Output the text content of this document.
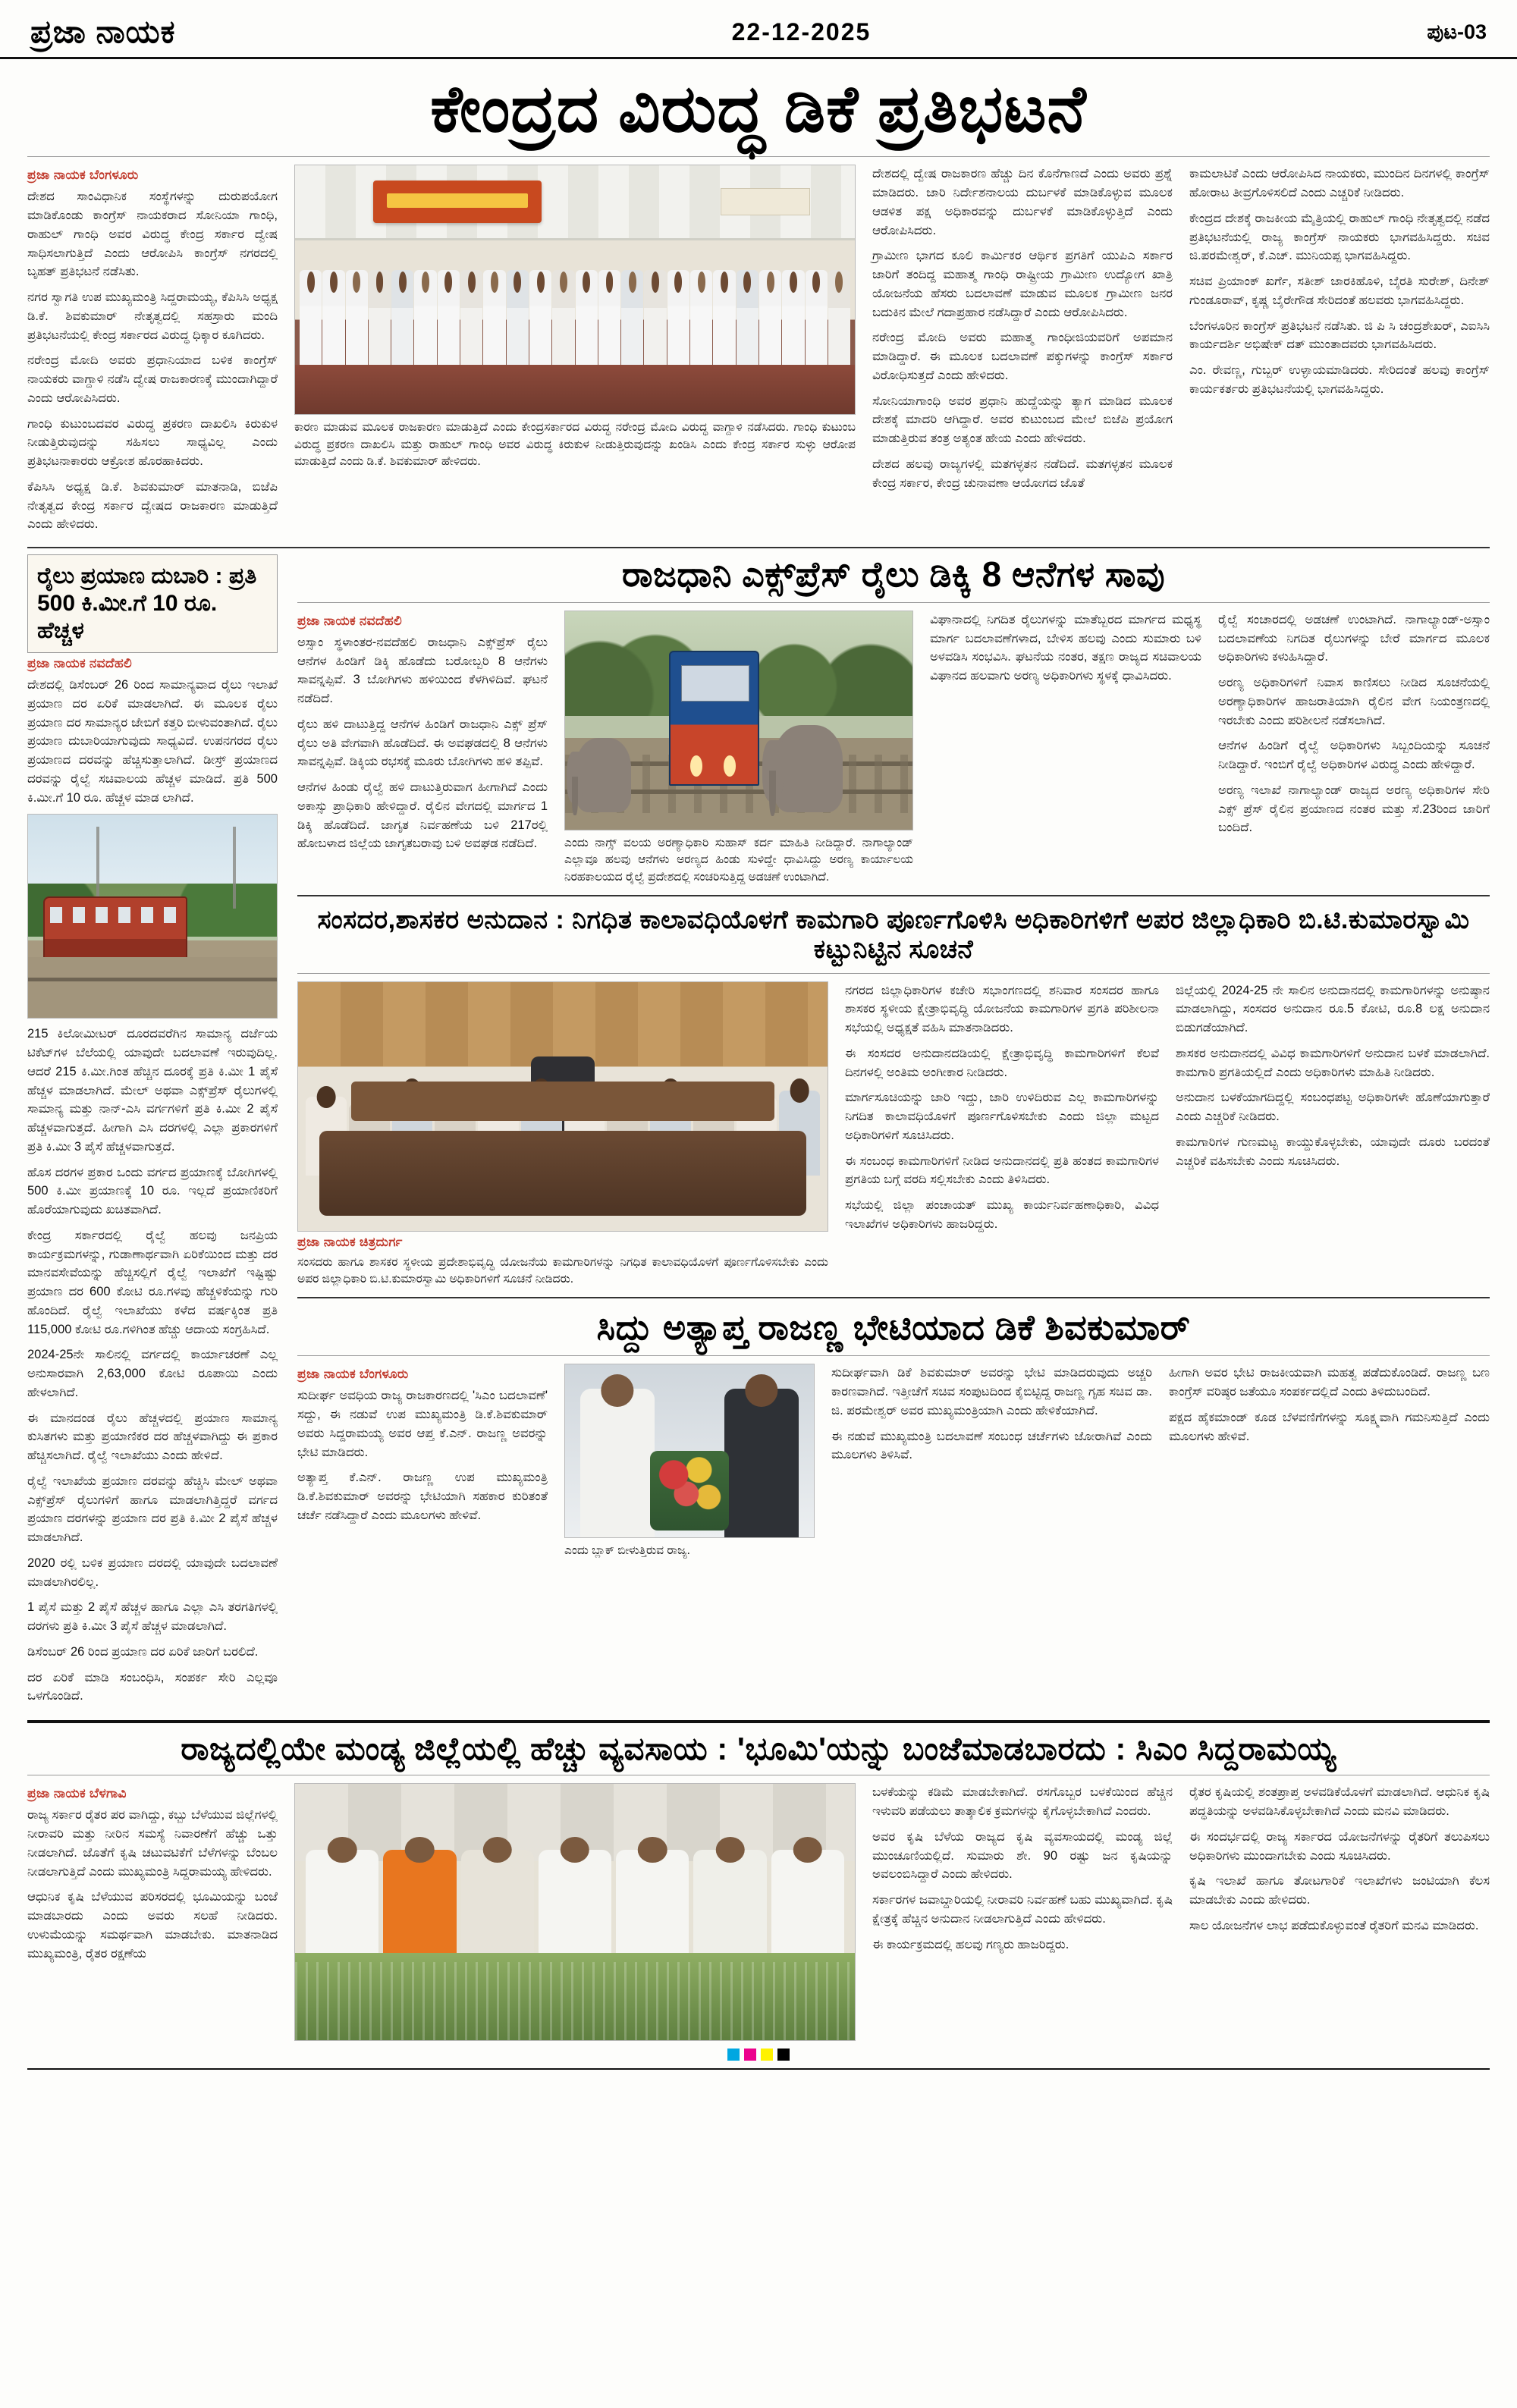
ಪ್ರಜಾ ನಾಯಕ	22-12-2025	ಪುಟ-03
ಕೇಂದ್ರದ ವಿರುದ್ಧ ಡಿಕೆ ಪ್ರತಿಭಟನೆ
ಪ್ರಜಾ ನಾಯಕ ಬೆಂಗಳೂರು

ದೇಶದ ಸಾಂವಿಧಾನಿಕ ಸಂಸ್ಥೆಗಳನ್ನು ದುರುಪಯೋಗ ಮಾಡಿಕೊಂಡು ಕಾಂಗ್ರೆಸ್ ನಾಯಕರಾದ ಸೋನಿಯಾ ಗಾಂಧಿ, ರಾಹುಲ್ ಗಾಂಧಿ ಅವರ ವಿರುದ್ಧ ಕೇಂದ್ರ ಸರ್ಕಾರ ದ್ವೇಷ ಸಾಧಿಸಲಾಗುತ್ತಿದೆ ಎಂದು ಆರೋಪಿಸಿ ಕಾಂಗ್ರೆಸ್ ನಗರದಲ್ಲಿ ಬೃಹತ್ ಪ್ರತಿಭಟನೆ ನಡೆಸಿತು.

ನಗರ ಸ್ವಾಗತಿ ಉಪ ಮುಖ್ಯಮಂತ್ರಿ ಸಿದ್ದರಾಮಯ್ಯ, ಕೆಪಿಸಿಸಿ ಅಧ್ಯಕ್ಷ ಡಿ.ಕೆ. ಶಿವಕುಮಾರ್ ನೇತೃತ್ವದಲ್ಲಿ ಸಹಸ್ರಾರು ಮಂದಿ ಪ್ರತಿಭಟನೆಯಲ್ಲಿ ಕೇಂದ್ರ ಸರ್ಕಾರದ ವಿರುದ್ಧ ಧಿಕ್ಕಾರ ಕೂಗಿದರು.

ನರೇಂದ್ರ ಮೋದಿ ಅವರು ಪ್ರಧಾನಿಯಾದ ಬಳಿಕ ಕಾಂಗ್ರೆಸ್ ನಾಯಕರು ವಾಗ್ದಾಳಿ ನಡೆಸಿ ದ್ವೇಷ ರಾಜಕಾರಣಕ್ಕೆ ಮುಂದಾಗಿದ್ದಾರೆ ಎಂದು ಆರೋಪಿಸಿದರು.

ಗಾಂಧಿ ಕುಟುಂಬದವರ ವಿರುದ್ಧ ಪ್ರಕರಣ ದಾಖಲಿಸಿ ಕಿರುಕುಳ ನೀಡುತ್ತಿರುವುದನ್ನು ಸಹಿಸಲು ಸಾಧ್ಯವಿಲ್ಲ ಎಂದು ಪ್ರತಿಭಟನಾಕಾರರು ಆಕ್ರೋಶ ಹೊರಹಾಕಿದರು.

ಕೆಪಿಸಿಸಿ ಅಧ್ಯಕ್ಷ ಡಿ.ಕೆ. ಶಿವಕುಮಾರ್ ಮಾತನಾಡಿ, ಬಿಜೆಪಿ ನೇತೃತ್ವದ ಕೇಂದ್ರ ಸರ್ಕಾರ ದ್ವೇಷದ ರಾಜಕಾರಣ ಮಾಡುತ್ತಿದೆ ಎಂದು ಹೇಳಿದರು.

ಕಾರಣ ಮಾಡುವ ಮೂಲಕ ರಾಜಕಾರಣ ಮಾಡುತ್ತಿದೆ ಎಂದು ಕೇಂದ್ರಸರ್ಕಾರದ ವಿರುದ್ಧ ನರೇಂದ್ರ ಮೋದಿ ವಿರುದ್ಧ ವಾಗ್ದಾಳಿ ನಡೆಸಿದರು. ಗಾಂಧಿ ಕುಟುಂಬ ವಿರುದ್ಧ ಪ್ರಕರಣ ದಾಖಲಿಸಿ ಮತ್ತು ರಾಹುಲ್ ಗಾಂಧಿ ಅವರ ವಿರುದ್ಧ ಕಿರುಕುಳ ನೀಡುತ್ತಿರುವುದನ್ನು ಖಂಡಿಸಿ ಎಂದು ಕೇಂದ್ರ ಸರ್ಕಾರ ಸುಳ್ಳು ಆರೋಪ ಮಾಡುತ್ತಿದೆ ಎಂದು ಡಿ.ಕೆ. ಶಿವಕುಮಾರ್ ಹೇಳಿದರು.

ದೇಶದಲ್ಲಿ ದ್ವೇಷ ರಾಜಕಾರಣ ಹೆಚ್ಚು ದಿನ ಕೊನೆಗಾಣದೆ ಎಂದು ಅವರು ಪ್ರಶ್ನೆ ಮಾಡಿದರು. ಜಾರಿ ನಿರ್ದೇಶನಾಲಯ ದುರ್ಬಳಕೆ ಮಾಡಿಕೊಳ್ಳುವ ಮೂಲಕ ಆಡಳಿತ ಪಕ್ಷ ಅಧಿಕಾರವನ್ನು ದುರ್ಬಳಕೆ ಮಾಡಿಕೊಳ್ಳುತ್ತಿದೆ ಎಂದು ಆರೋಪಿಸಿದರು.

ಗ್ರಾಮೀಣ ಭಾಗದ ಕೂಲಿ ಕಾರ್ಮಿಕರ ಆರ್ಥಿಕ ಪ್ರಗತಿಗೆ ಯುಪಿಎ ಸರ್ಕಾರ ಜಾರಿಗೆ ತಂದಿದ್ದ ಮಹಾತ್ಮ ಗಾಂಧಿ ರಾಷ್ಟ್ರೀಯ ಗ್ರಾಮೀಣ ಉದ್ಯೋಗ ಖಾತ್ರಿ ಯೋಜನೆಯ ಹೆಸರು ಬದಲಾವಣೆ ಮಾಡುವ ಮೂಲಕ ಗ್ರಾಮೀಣ ಜನರ ಬದುಕಿನ ಮೇಲೆ ಗದಾಪ್ರಹಾರ ನಡೆಸಿದ್ದಾರೆ ಎಂದು ಆರೋಪಿಸಿದರು.

ನರೇಂದ್ರ ಮೋದಿ ಅವರು ಮಹಾತ್ಮ ಗಾಂಧೀಜಿಯವರಿಗೆ ಅಪಮಾನ ಮಾಡಿದ್ದಾರೆ. ಈ ಮೂಲಕ ಬದಲಾವಣೆ ಪಕ್ಕುಗಳನ್ನು ಕಾಂಗ್ರೆಸ್ ಸರ್ಕಾರ ವಿರೋಧಿಸುತ್ತದೆ ಎಂದು ಹೇಳಿದರು.

ಸೋನಿಯಾಗಾಂಧಿ ಅವರ ಪ್ರಧಾನಿ ಹುದ್ದೆಯನ್ನು ತ್ಯಾಗ ಮಾಡಿದ ಮೂಲಕ ದೇಶಕ್ಕೆ ಮಾದರಿ ಆಗಿದ್ದಾರೆ. ಅವರ ಕುಟುಂಬದ ಮೇಲೆ ಬಿಜೆಪಿ ಪ್ರಯೋಗ ಮಾಡುತ್ತಿರುವ ತಂತ್ರ ಅತ್ಯಂತ ಹೇಯ ಎಂದು ಹೇಳಿದರು.

ದೇಶದ ಹಲವು ರಾಜ್ಯಗಳಲ್ಲಿ ಮತಗಳ್ಳತನ ನಡೆದಿದೆ. ಮತಗಳ್ಳತನ ಮೂಲಕ ಕೇಂದ್ರ ಸರ್ಕಾರ, ಕೇಂದ್ರ ಚುನಾವಣಾ ಆಯೋಗದ ಜೊತೆ

ಕಾಮಲಾಟಿಕೆ ಎಂದು ಆರೋಪಿಸಿದ ನಾಯಕರು, ಮುಂದಿನ ದಿನಗಳಲ್ಲಿ ಕಾಂಗ್ರೆಸ್ ಹೋರಾಟ ತೀವ್ರಗೊಳಿಸಲಿದೆ ಎಂದು ಎಚ್ಚರಿಕೆ ನೀಡಿದರು.

ಕೇಂದ್ರದ ದೇಶಕ್ಕೆ ರಾಜಕೀಯ ಮೈತ್ರಿಯಲ್ಲಿ ರಾಹುಲ್ ಗಾಂಧಿ ನೇತೃತ್ವದಲ್ಲಿ ನಡೆದ ಪ್ರತಿಭಟನೆಯಲ್ಲಿ ರಾಜ್ಯ ಕಾಂಗ್ರೆಸ್ ನಾಯಕರು ಭಾಗವಹಿಸಿದ್ದರು. ಸಚಿವ ಜಿ.ಪರಮೇಶ್ವರ್, ಕೆ.ಎಚ್. ಮುನಿಯಪ್ಪ ಭಾಗವಹಿಸಿದ್ದರು.

ಸಚಿವ ಪ್ರಿಯಾಂಕ್ ಖರ್ಗೆ, ಸತೀಶ್ ಜಾರಕಿಹೊಳಿ, ಬೈರತಿ ಸುರೇಶ್, ದಿನೇಶ್ ಗುಂಡೂರಾವ್, ಕೃಷ್ಣ ಬೈರೇಗೌಡ ಸೇರಿದಂತೆ ಹಲವರು ಭಾಗವಹಿಸಿದ್ದರು.

ಬೆಂಗಳೂರಿನ ಕಾಂಗ್ರೆಸ್ ಪ್ರತಿಭಟನೆ ನಡೆಸಿತು. ಜಿ ಪಿ ಸಿ ಚಂದ್ರಶೇಖರ್, ಎಐಸಿಸಿ ಕಾರ್ಯದರ್ಶಿ ಅಭಿಷೇಕ್ ದತ್ ಮುಂತಾದವರು ಭಾಗವಹಿಸಿದರು.

ಎಂ. ರೇವಣ್ಣ, ಗುಬ್ಬರ್ ಉಳ್ಳಾಯಮಾಡಿದರು. ಸೇರಿದಂತೆ ಹಲವು ಕಾಂಗ್ರೆಸ್ ಕಾರ್ಯಕರ್ತರು ಪ್ರತಿಭಟನೆಯಲ್ಲಿ ಭಾಗವಹಿಸಿದ್ದರು.

ರೈಲು ಪ್ರಯಾಣ ದುಬಾರಿ : ಪ್ರತಿ 500 ಕಿ.ಮೀ.ಗೆ 10 ರೂ. ಹೆಚ್ಚಳ
ಪ್ರಜಾ ನಾಯಕ ನವದೆಹಲಿ

ದೇಶದಲ್ಲಿ ಡಿಸೆಂಬರ್ 26 ರಿಂದ ಸಾಮಾನ್ಯವಾದ ರೈಲು ಇಲಾಖೆ ಪ್ರಯಾಣ ದರ ಏರಿಕೆ ಮಾಡಲಾಗಿದೆ. ಈ ಮೂಲಕ ರೈಲು ಪ್ರಯಾಣ ದರ ಸಾಮಾನ್ಯರ ಜೇಬಿಗೆ ಕತ್ತರಿ ಬೀಳುವಂತಾಗಿದೆ. ರೈಲು ಪ್ರಯಾಣ ದುಬಾರಿಯಾಗುವುದು ಸಾಧ್ಯವಿದೆ. ಉಪನಗರದ ರೈಲು ಪ್ರಯಾಣದ ದರವನ್ನು ಹೆಚ್ಚಿಸುತ್ತಾಲಾಗಿದೆ. ಡೀಸ್ರ್ ಪ್ರಯಾಣದ ದರವನ್ನು ರೈಲ್ವೆ ಸಚಿವಾಲಯ ಹೆಚ್ಚಳ ಮಾಡಿದೆ. ಪ್ರತಿ 500 ಕಿ.ಮೀ.ಗೆ 10 ರೂ. ಹೆಚ್ಚಳ ಮಾಡ ಲಾಗಿದೆ.

215 ಕಿಲೋಮೀಟರ್ ದೂರದವರೆಗಿನ ಸಾಮಾನ್ಯ ದರ್ಜೆಯ ಟಿಕೆಟ್‌ಗಳ ಬೆಲೆಯಲ್ಲಿ ಯಾವುದೇ ಬದಲಾವಣೆ ಇರುವುದಿಲ್ಲ. ಆದರೆ 215 ಕಿ.ಮೀ.ಗಿಂತ ಹೆಚ್ಚಿನ ದೂರಕ್ಕೆ ಪ್ರತಿ ಕಿ.ಮೀ 1 ಪೈಸೆ ಹೆಚ್ಚಳ ಮಾಡಲಾಗಿದೆ. ಮೇಲ್ ಅಥವಾ ಎಕ್ಸ್‌ಪ್ರೆಸ್ ರೈಲುಗಳಲ್ಲಿ ಸಾಮಾನ್ಯ ಮತ್ತು ನಾನ್-ಎಸಿ ವರ್ಗಗಳಿಗೆ ಪ್ರತಿ ಕಿ.ಮೀ 2 ಪೈಸೆ ಹೆಚ್ಚಳವಾಗುತ್ತದೆ. ಹೀಗಾಗಿ ಎಸಿ ದರಗಳಲ್ಲಿ ಎಲ್ಲಾ ಪ್ರಕಾರಗಳಿಗೆ ಪ್ರತಿ ಕಿ.ಮೀ 3 ಪೈಸೆ ಹೆಚ್ಚಳವಾಗುತ್ತದೆ.

ಹೊಸ ದರಗಳ ಪ್ರಕಾರ ಒಂದು ವರ್ಗದ ಪ್ರಯಾಣಕ್ಕೆ ಬೋಗಿಗಳಲ್ಲಿ 500 ಕಿ.ಮೀ ಪ್ರಯಾಣಕ್ಕೆ 10 ರೂ. ಇಲ್ಲದೆ ಪ್ರಯಾಣಿಕರಿಗೆ ಹೊರೆಯಾಗುವುದು ಖಚಿತವಾಗಿದೆ.

ಕೇಂದ್ರ ಸರ್ಕಾರದಲ್ಲಿ ರೈಲ್ವೆ ಹಲವು ಜನಪ್ರಿಯ ಕಾರ್ಯಕ್ರಮಗಳನ್ನು, ಗುಡಾಣಾರ್ಥವಾಗಿ ಏರಿಕೆಯಿಂದ ಮತ್ತು ದರ ಮಾನವಸೇವೆಯನ್ನು ಹೆಚ್ಚಿಸಲ್ಲಿಗೆ ರೈಲ್ವೆ ಇಲಾಖೆಗೆ ಇಷ್ಟಿಷ್ಟು ಪ್ರಯಾಣ ದರ 600 ಕೋಟಿ ರೂ.ಗಳವು ಹೆಚ್ಚಳಿಕೆಯನ್ನು ಗುರಿ ಹೊಂದಿದೆ. ರೈಲ್ವೆ ಇಲಾಖೆಯು ಕಳೆದ ವರ್ಷಕ್ಕಿಂತ ಪ್ರತಿ 115,000 ಕೋಟಿ ರೂ.ಗಳಿಗಿಂತ ಹೆಚ್ಚು ಆದಾಯ ಸಂಗ್ರಹಿಸಿದೆ.

2024-25ನೇ ಸಾಲಿನಲ್ಲಿ ವರ್ಗದಲ್ಲಿ ಕಾರ್ಯಾಚರಣೆ ಎಲ್ಲ ಅನುಸಾರವಾಗಿ 2,63,000 ಕೋಟಿ ರೂಪಾಯಿ ಎಂದು ಹೇಳಲಾಗಿದೆ.

ಈ ಮಾನದಂಡ ರೈಲು ಹೆಚ್ಚಳದಲ್ಲಿ ಪ್ರಯಾಣ ಸಾಮಾನ್ಯ ಕುಸಿತಗಳು ಮತ್ತು ಪ್ರಯಾಣಿಕರ ದರ ಹೆಚ್ಚಳವಾಗಿದ್ದು ಈ ಪ್ರಕಾರ ಹೆಚ್ಚಿಸಲಾಗಿದೆ. ರೈಲ್ವೆ ಇಲಾಖೆಯು ಎಂದು ಹೇಳಿದೆ.

ರೈಲ್ವೆ ಇಲಾಖೆಯ ಪ್ರಯಾಣ ದರವನ್ನು ಹೆಚ್ಚಿಸಿ ಮೇಲ್ ಅಥವಾ ಎಕ್ಸ್‌ಪ್ರೆಸ್ ರೈಲುಗಳಿಗೆ ಹಾಗೂ ಮಾಡಲಾಗಿತ್ತಿದ್ದರೆ ವರ್ಗದ ಪ್ರಯಾಣ ದರಗಳನ್ನು ಪ್ರಯಾಣ ದರ ಪ್ರತಿ ಕಿ.ಮೀ 2 ಪೈಸೆ ಹೆಚ್ಚಳ ಮಾಡಲಾಗಿದೆ.

2020 ರಲ್ಲಿ ಬಳಿಕ ಪ್ರಯಾಣ ದರದಲ್ಲಿ ಯಾವುದೇ ಬದಲಾವಣೆ ಮಾಡಲಾಗಿರಲಿಲ್ಲ.

1 ಪೈಸೆ ಮತ್ತು 2 ಪೈಸೆ ಹೆಚ್ಚಳ ಹಾಗೂ ಎಲ್ಲಾ ಎಸಿ ತರಗತಿಗಳಲ್ಲಿ ದರಗಳು ಪ್ರತಿ ಕಿ.ಮೀ 3 ಪೈಸೆ ಹೆಚ್ಚಳ ಮಾಡಲಾಗಿದೆ.

ಡಿಸೆಂಬರ್ 26 ರಿಂದ ಪ್ರಯಾಣ ದರ ಏರಿಕೆ ಜಾರಿಗೆ ಬರಲಿದೆ.

ದರ ಏರಿಕೆ ಮಾಡಿ ಸಂಬಂಧಿಸಿ, ಸಂಪರ್ಕ ಸೇರಿ ಎಲ್ಲವೂ ಒಳಗೊಂಡಿದೆ.

ರಾಜಧಾನಿ ಎಕ್ಸ್‌ಪ್ರೆಸ್ ರೈಲು ಡಿಕ್ಕಿ 8 ಆನೆಗಳ ಸಾವು
ಪ್ರಜಾ ನಾಯಕ ನವದೆಹಲಿ

ಅಸ್ಸಾಂ ಸ್ಥಳಾಂತರ-ನವದೆಹಲಿ ರಾಜಧಾನಿ ಎಕ್ಸ್‌ಪ್ರೆಸ್ ರೈಲು ಆನೆಗಳ ಹಿಂಡಿಗೆ ಡಿಕ್ಕಿ ಹೊಡೆದು ಬರೋಬ್ಬರಿ 8 ಆನೆಗಳು ಸಾವನ್ನಪ್ಪಿವೆ. 3 ಬೋಗಿಗಳು ಹಳಿಯಿಂದ ಕೆಳಗಿಳಿದಿವೆ. ಘಟನೆ ನಡೆದಿದೆ.

ರೈಲು ಹಳಿ ದಾಟುತ್ತಿದ್ದ ಆನೆಗಳ ಹಿಂಡಿಗೆ ರಾಜಧಾನಿ ಎಕ್ಸ್ ಪ್ರೆಸ್ ರೈಲು ಅತಿ ವೇಗವಾಗಿ ಹೊಡೆದಿದೆ. ಈ ಅವಘಡದಲ್ಲಿ 8 ಆನೆಗಳು ಸಾವನ್ನಪ್ಪಿವೆ. ಡಿಕ್ಕಿಯ ರಭಸಕ್ಕೆ ಮೂರು ಬೋಗಿಗಳು ಹಳಿ ತಪ್ಪಿವೆ.

ಆನೆಗಳ ಹಿಂಡು ರೈಲ್ವೆ ಹಳಿ ದಾಟುತ್ತಿರುವಾಗ ಹೀಗಾಗಿದೆ ಎಂದು ಅಕಾಸ್ಸು ಪ್ರಾಧಿಕಾರಿ ಹೇಳಿದ್ದಾರೆ. ರೈಲಿನ ವೇಗದಲ್ಲಿ ಮಾರ್ಗದ 1 ಡಿಕ್ಕಿ ಹೊಡೆದಿದೆ. ಜಾಗೃತ ನಿರ್ವಹಣೆಯ ಬಳಿ 217ರಲ್ಲಿ ಹೋಬಳಾದ ಜಿಲ್ಲೆಯ ಜಾಗೃತಬರಾವು ಬಳಿ ಅವಘಡ ನಡೆದಿದೆ.	ಎಂದು ನಾಗ್ಸ್ ವಲಯ ಅರಣ್ಯಾಧಿಕಾರಿ ಸುಹಾಸ್ ಕರ್ದ ಮಾಹಿತಿ ನೀಡಿದ್ದಾರೆ. ನಾಗಾಲ್ಯಾಂಡ್ ಎಲ್ಲಾವೂ ಹಲವು ಆನೆಗಳು ಅರಣ್ಯದ ಹಿಂಡು ಸುಳಿದ್ದೇ ಧಾವಿಸಿದ್ದು ಅರಣ್ಯ ಕಾರ್ಯಾಲಯ ನಿರಹಕಾಲಯದ ರೈಲ್ವೆ ಪ್ರದೇಶದಲ್ಲಿ ಸಂಚರಿಸುತ್ತಿದ್ದ ಅಡಚಣೆ ಉಂಟಾಗಿದೆ.

ವಿಘಾನಾದಲ್ಲಿ ನಿಗದಿತ ರೈಲುಗಳನ್ನು ಮಾತೆಬ್ಬರದ ಮಾರ್ಗದ ಮಧ್ಯಸ್ಥ ಮಾರ್ಗ ಬದಲಾವಣೆಗಳಾದ, ಬೇಳಿಸ ಹಲವು ಎಂದು ಸುಮಾರು ಬಳಿ ಅಳವಡಿಸಿ ಸಂಭವಿಸಿ. ಘಟನೆಯ ನಂತರ, ತಕ್ಷಣ ರಾಜ್ಯದ ಸಚಿವಾಲಯ ವಿಘಾನದ ಹಲವಾಗು ಅರಣ್ಯ ಅಧಿಕಾರಿಗಳು ಸ್ಥಳಕ್ಕೆ ಧಾವಿಸಿದರು.

ರೈಲ್ವೆ ಸಂಚಾರದಲ್ಲಿ ಅಡಚಣೆ ಉಂಟಾಗಿದೆ. ನಾಗಾಲ್ಯಾಂಡ್-ಅಸ್ಸಾಂ ಬದಲಾವಣೆಯ ನಿಗದಿತ ರೈಲುಗಳನ್ನು ಬೇರೆ ಮಾರ್ಗದ ಮೂಲಕ ಅಧಿಕಾರಿಗಳು ಕಳುಹಿಸಿದ್ದಾರೆ.

ಅರಣ್ಯ ಅಧಿಕಾರಿಗಳಿಗೆ ನಿವಾಸ ಕಾಣಿಸಲು ನೀಡಿದ ಸೂಚನೆಯಲ್ಲಿ ಅರಣ್ಯಾಧಿಕಾರಿಗಳ ಹಾಜರಾತಿಯಾಗಿ ರೈಲಿನ ವೇಗ ನಿಯಂತ್ರಣದಲ್ಲಿ ಇರಬೇಕು ಎಂದು ಪರಿಶೀಲನೆ ನಡೆಸಲಾಗಿದೆ.

ಆನೆಗಳ ಹಿಂಡಿಗೆ ರೈಲ್ವೆ ಅಧಿಕಾರಿಗಳು ಸಿಬ್ಬಂದಿಯನ್ನು ಸೂಚನೆ ನೀಡಿದ್ದಾರೆ. ಇಂಬಿಗೆ ರೈಲ್ವೆ ಅಧಿಕಾರಿಗಳ ವಿರುದ್ಧ ಎಂದು ಹೇಳಿದ್ದಾರೆ.

ಅರಣ್ಯ ಇಲಾಖೆ ನಾಗಾಲ್ಯಾಂಡ್ ರಾಜ್ಯದ ಅರಣ್ಯ ಅಧಿಕಾರಿಗಳ ಸೇರಿ ಎಕ್ಸ್ ಪ್ರೆಸ್ ರೈಲಿನ ಪ್ರಯಾಣದ ನಂತರ ಮತ್ತು ಸೆ.23ರಿಂದ ಜಾರಿಗೆ ಬಂದಿದೆ.

ಸಂಸದರ,ಶಾಸಕರ ಅನುದಾನ : ನಿಗಧಿತ ಕಾಲಾವಧಿಯೊಳಗೆ ಕಾಮಗಾರಿ ಪೂರ್ಣಗೊಳಿಸಿ ಅಧಿಕಾರಿಗಳಿಗೆ ಅಪರ ಜಿಲ್ಲಾಧಿಕಾರಿ ಬಿ.ಟಿ.ಕುಮಾರಸ್ವಾಮಿ ಕಟ್ಟುನಿಟ್ಟಿನ ಸೂಚನೆ
ಪ್ರಜಾ ನಾಯಕ ಚಿತ್ರದುರ್ಗ
ಸಂಸದರು ಹಾಗೂ ಶಾಸಕರ ಸ್ಥಳೀಯ ಪ್ರದೇಶಾಭಿವೃದ್ಧಿ ಯೋಜನೆಯ ಕಾಮಗಾರಿಗಳನ್ನು ನಿಗಧಿತ ಕಾಲಾವಧಿಯೊಳಗೆ ಪೂರ್ಣಗೊಳಿಸಬೇಕು ಎಂದು ಅಪರ ಜಿಲ್ಲಾಧಿಕಾರಿ ಬಿ.ಟಿ.ಕುಮಾರಸ್ವಾಮಿ ಅಧಿಕಾರಿಗಳಿಗೆ ಸೂಚನೆ ನೀಡಿದರು.

ನಗರದ ಜಿಲ್ಲಾಧಿಕಾರಿಗಳ ಕಚೇರಿ ಸಭಾಂಗಣದಲ್ಲಿ ಶನಿವಾರ ಸಂಸದರ ಹಾಗೂ ಶಾಸಕರ ಸ್ಥಳೀಯ ಕ್ಷೇತ್ರಾಭಿವೃದ್ಧಿ ಯೋಜನೆಯ ಕಾಮಗಾರಿಗಳ ಪ್ರಗತಿ ಪರಿಶೀಲನಾ ಸಭೆಯಲ್ಲಿ ಅಧ್ಯಕ್ಷತೆ ವಹಿಸಿ ಮಾತನಾಡಿದರು.

ಈ ಸಂಸದರ ಅನುದಾನದಡಿಯಲ್ಲಿ ಕ್ಷೇತ್ರಾಭಿವೃದ್ಧಿ ಕಾಮಗಾರಿಗಳಿಗೆ ಕೆಲವೆ ದಿನಗಳಲ್ಲಿ ಅಂತಿಮ ಅಂಗೀಕಾರ ನೀಡಿದರು.

ಮಾರ್ಗಸೂಚಿಯನ್ನು ಜಾರಿ ಇದ್ದು, ಜಾರಿ ಉಳಿದಿರುವ ಎಲ್ಲ ಕಾಮಗಾರಿಗಳನ್ನು ನಿಗದಿತ ಕಾಲಾವಧಿಯೊಳಗೆ ಪೂರ್ಣಗೊಳಿಸಬೇಕು ಎಂದು ಜಿಲ್ಲಾ ಮಟ್ಟದ ಅಧಿಕಾರಿಗಳಿಗೆ ಸೂಚಿಸಿದರು.

ಈ ಸಂಬಂಧ ಕಾಮಗಾರಿಗಳಿಗೆ ನೀಡಿದ ಅನುದಾನದಲ್ಲಿ ಪ್ರತಿ ಹಂತದ ಕಾಮಗಾರಿಗಳ ಪ್ರಗತಿಯ ಬಗ್ಗೆ ವರದಿ ಸಲ್ಲಿಸಬೇಕು ಎಂದು ತಿಳಿಸಿದರು.

ಸಭೆಯಲ್ಲಿ ಜಿಲ್ಲಾ ಪಂಚಾಯತ್ ಮುಖ್ಯ ಕಾರ್ಯನಿರ್ವಹಣಾಧಿಕಾರಿ, ವಿವಿಧ ಇಲಾಖೆಗಳ ಅಧಿಕಾರಿಗಳು ಹಾಜರಿದ್ದರು.

ಜಿಲ್ಲೆಯಲ್ಲಿ 2024-25 ನೇ ಸಾಲಿನ ಅನುದಾನದಲ್ಲಿ ಕಾಮಗಾರಿಗಳನ್ನು ಅನುಷ್ಠಾನ ಮಾಡಲಾಗಿದ್ದು, ಸಂಸದರ ಅನುದಾನ ರೂ.5 ಕೋಟಿ, ರೂ.8 ಲಕ್ಷ ಅನುದಾನ ಬಿಡುಗಡೆಯಾಗಿದೆ.

ಶಾಸಕರ ಅನುದಾನದಲ್ಲಿ ವಿವಿಧ ಕಾಮಗಾರಿಗಳಿಗೆ ಅನುದಾನ ಬಳಕೆ ಮಾಡಲಾಗಿದೆ. ಕಾಮಗಾರಿ ಪ್ರಗತಿಯಲ್ಲಿದೆ ಎಂದು ಅಧಿಕಾರಿಗಳು ಮಾಹಿತಿ ನೀಡಿದರು.

ಅನುದಾನ ಬಳಕೆಯಾಗದಿದ್ದಲ್ಲಿ ಸಂಬಂಧಪಟ್ಟ ಅಧಿಕಾರಿಗಳೇ ಹೊಣೆಯಾಗುತ್ತಾರೆ ಎಂದು ಎಚ್ಚರಿಕೆ ನೀಡಿದರು.

ಕಾಮಗಾರಿಗಳ ಗುಣಮಟ್ಟ ಕಾಯ್ದುಕೊಳ್ಳಬೇಕು, ಯಾವುದೇ ದೂರು ಬರದಂತೆ ಎಚ್ಚರಿಕೆ ವಹಿಸಬೇಕು ಎಂದು ಸೂಚಿಸಿದರು.

ಸಿದ್ದು ಅತ್ಯಾಪ್ತ ರಾಜಣ್ಣ ಭೇಟಿಯಾದ ಡಿಕೆ ಶಿವಕುಮಾರ್
ಪ್ರಜಾ ನಾಯಕ ಬೆಂಗಳೂರು

ಸುದೀರ್ಘ ಅವಧಿಯ ರಾಜ್ಯ ರಾಜಕಾರಣದಲ್ಲಿ 'ಸಿಎಂ ಬದಲಾವಣೆ' ಸದ್ದು, ಈ ನಡುವೆ ಉಪ ಮುಖ್ಯಮಂತ್ರಿ ಡಿ.ಕೆ.ಶಿವಕುಮಾರ್ ಅವರು ಸಿದ್ದರಾಮಯ್ಯ ಅವರ ಆಪ್ತ ಕೆ.ಎನ್. ರಾಜಣ್ಣ ಅವರನ್ನು ಭೇಟಿ ಮಾಡಿದರು.

ಅತ್ಯಾಪ್ತ ಕೆ.ಎನ್. ರಾಜಣ್ಣ ಉಪ ಮುಖ್ಯಮಂತ್ರಿ ಡಿ.ಕೆ.ಶಿವಕುಮಾರ್ ಅವರನ್ನು ಭೇಟಿಯಾಗಿ ಸಹಕಾರ ಕುರಿತಂತೆ ಚರ್ಚೆ ನಡೆಸಿದ್ದಾರೆ ಎಂದು ಮೂಲಗಳು ಹೇಳಿವೆ.

ಎಂದು ಬ್ಲಾಕ್ ಬೀಳುತ್ತಿರುವ ರಾಜ್ಯ.

ಸುದೀರ್ಘವಾಗಿ ಡಿಕೆ ಶಿವಕುಮಾರ್ ಅವರನ್ನು ಭೇಟಿ ಮಾಡಿದರುವುದು ಅಚ್ಚರಿ ಕಾರಣವಾಗಿದೆ. ಇತ್ತೀಚೆಗೆ ಸಚಿವ ಸಂಪುಟದಿಂದ ಕೈಬಿಟ್ಟಿದ್ದ ರಾಜಣ್ಣ ಗೃಹ ಸಚಿವ ಡಾ. ಜಿ. ಪರಮೇಶ್ವರ್ ಅವರ ಮುಖ್ಯಮಂತ್ರಿಯಾಗಿ ಎಂದು ಹೇಳಿಕೆಯಾಗಿದೆ.

ಈ ನಡುವೆ ಮುಖ್ಯಮಂತ್ರಿ ಬದಲಾವಣೆ ಸಂಬಂಧ ಚರ್ಚೆಗಳು ಜೋರಾಗಿವೆ ಎಂದು ಮೂಲಗಳು ತಿಳಿಸಿವೆ.

ಹೀಗಾಗಿ ಅವರ ಭೇಟಿ ರಾಜಕೀಯವಾಗಿ ಮಹತ್ವ ಪಡೆದುಕೊಂಡಿದೆ. ರಾಜಣ್ಣ ಬಣ ಕಾಂಗ್ರೆಸ್ ವರಿಷ್ಠರ ಜತೆಯೂ ಸಂಪರ್ಕದಲ್ಲಿದೆ ಎಂದು ತಿಳಿದುಬಂದಿದೆ.

ಪಕ್ಷದ ಹೈಕಮಾಂಡ್ ಕೂಡ ಬೆಳವಣಿಗೆಗಳನ್ನು ಸೂಕ್ಷ್ಮವಾಗಿ ಗಮನಿಸುತ್ತಿದೆ ಎಂದು ಮೂಲಗಳು ಹೇಳಿವೆ.

ರಾಜ್ಯದಲ್ಲಿಯೇ ಮಂಡ್ಯ ಜಿಲ್ಲೆಯಲ್ಲಿ ಹೆಚ್ಚು ವ್ಯವಸಾಯ : 'ಭೂಮಿ'ಯನ್ನು ಬಂಜೆಮಾಡಬಾರದು : ಸಿಎಂ ಸಿದ್ದರಾಮಯ್ಯ
ಪ್ರಜಾ ನಾಯಕ ಬೆಳಗಾವಿ

ರಾಜ್ಯ ಸರ್ಕಾರ ರೈತರ ಪರ ವಾಗಿದ್ದು, ಕಬ್ಬು ಬೆಳೆಯುವ ಜಿಲ್ಲೆಗಳಲ್ಲಿ ನೀರಾವರಿ ಮತ್ತು ನೀರಿನ ಸಮಸ್ಯೆ ನಿವಾರಣೆಗೆ ಹೆಚ್ಚು ಒತ್ತು ನೀಡಲಾಗಿದೆ. ಜೊತೆಗೆ ಕೃಷಿ ಚಟುವಟಿಕೆಗೆ ಬೆಳೆಗಳನ್ನು ಬೆಂಬಲ ನೀಡಲಾಗುತ್ತಿದೆ ಎಂದು ಮುಖ್ಯಮಂತ್ರಿ ಸಿದ್ದರಾಮಯ್ಯ ಹೇಳಿದರು.

ಆಧುನಿಕ ಕೃಷಿ ಬೆಳೆಯುವ ಪರಿಸರದಲ್ಲಿ ಭೂಮಿಯನ್ನು ಬಂಜೆ ಮಾಡಬಾರದು ಎಂದು ಅವರು ಸಲಹೆ ನೀಡಿದರು. ಉಳುಮೆಯನ್ನು ಸಮರ್ಥವಾಗಿ ಮಾಡಬೇಕು. ಮಾತನಾಡಿದ ಮುಖ್ಯಮಂತ್ರಿ, ರೈತರ ರಕ್ಷಣೆಯ

ಬಳಕೆಯನ್ನು ಕಡಿಮೆ ಮಾಡಬೇಕಾಗಿದೆ. ರಸಗೊಬ್ಬರ ಬಳಕೆಯಿಂದ ಹೆಚ್ಚಿನ ಇಳುವರಿ ಪಡೆಯಲು ತಾತ್ಕಾಲಿಕ ಕ್ರಮಗಳನ್ನು ಕೈಗೊಳ್ಳಬೇಕಾಗಿದೆ ಎಂದರು.

ಅವರ ಕೃಷಿ ಬೆಳೆಯ ರಾಜ್ಯದ ಕೃಷಿ ವ್ಯವಸಾಯದಲ್ಲಿ ಮಂಡ್ಯ ಜಿಲ್ಲೆ ಮುಂಚೂಣಿಯಲ್ಲಿದೆ. ಸುಮಾರು ಶೇ. 90 ರಷ್ಟು ಜನ ಕೃಷಿಯನ್ನು ಅವಲಂಬಿಸಿದ್ದಾರೆ ಎಂದು ಹೇಳಿದರು.

ಸರ್ಕಾರಗಳ ಜವಾಬ್ದಾರಿಯಲ್ಲಿ ನೀರಾವರಿ ನಿರ್ವಹಣೆ ಬಹು ಮುಖ್ಯವಾಗಿದೆ. ಕೃಷಿ ಕ್ಷೇತ್ರಕ್ಕೆ ಹೆಚ್ಚಿನ ಅನುದಾನ ನೀಡಲಾಗುತ್ತಿದೆ ಎಂದು ಹೇಳಿದರು.

ಈ ಕಾರ್ಯಕ್ರಮದಲ್ಲಿ ಹಲವು ಗಣ್ಯರು ಹಾಜರಿದ್ದರು.

ರೈತರ ಕೃಷಿಯಲ್ಲಿ ಶಂತಪ್ರಾಪ್ತ ಅಳವಡಿಕೆಯೊಳಗೆ ಮಾಡಲಾಗಿದೆ. ಆಧುನಿಕ ಕೃಷಿ ಪದ್ಧತಿಯನ್ನು ಅಳವಡಿಸಿಕೊಳ್ಳಬೇಕಾಗಿದೆ ಎಂದು ಮನವಿ ಮಾಡಿದರು.

ಈ ಸಂದರ್ಭದಲ್ಲಿ ರಾಜ್ಯ ಸರ್ಕಾರದ ಯೋಜನೆಗಳನ್ನು ರೈತರಿಗೆ ತಲುಪಿಸಲು ಅಧಿಕಾರಿಗಳು ಮುಂದಾಗಬೇಕು ಎಂದು ಸೂಚಿಸಿದರು.

ಕೃಷಿ ಇಲಾಖೆ ಹಾಗೂ ತೋಟಗಾರಿಕೆ ಇಲಾಖೆಗಳು ಜಂಟಿಯಾಗಿ ಕೆಲಸ ಮಾಡಬೇಕು ಎಂದು ಹೇಳಿದರು.

ಸಾಲ ಯೋಜನೆಗಳ ಲಾಭ ಪಡೆದುಕೊಳ್ಳುವಂತೆ ರೈತರಿಗೆ ಮನವಿ ಮಾಡಿದರು.
